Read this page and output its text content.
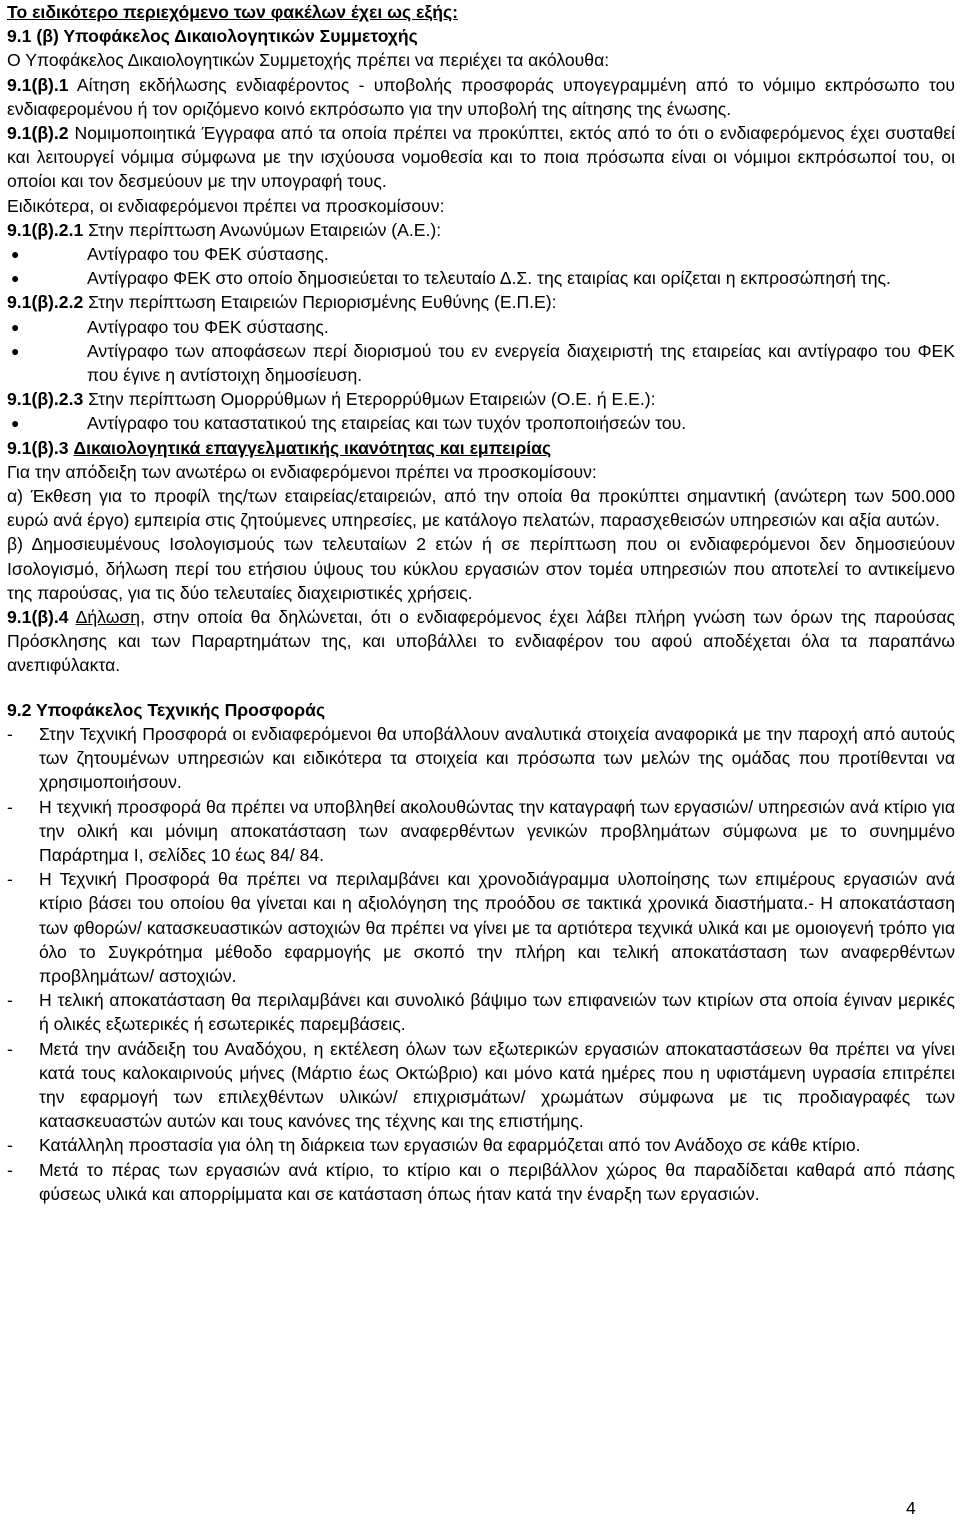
Το ειδικότερο περιεχόμενο των φακέλων έχει ως εξής:

9.1 (β) Υποφάκελος Δικαιολογητικών Συμμετοχής

Ο Υποφάκελος Δικαιολογητικών Συμμετοχής πρέπει να περιέχει τα ακόλουθα:

9.1(β).1 Αίτηση εκδήλωσης ενδιαφέροντος - υποβολής προσφοράς υπογεγραμμένη από το νόμιμο εκπρόσωπο του ενδιαφερομένου ή τον οριζόμενο κοινό εκπρόσωπο για την υποβολή της αίτησης της ένωσης.

9.1(β).2 Νομιμοποιητικά Έγγραφα από τα οποία πρέπει να προκύπτει, εκτός από το ότι ο ενδιαφερόμενος έχει συσταθεί και λειτουργεί νόμιμα σύμφωνα με την ισχύουσα νομοθεσία και το ποια πρόσωπα είναι οι νόμιμοι εκπρόσωποί του, οι οποίοι και τον δεσμεύουν με την υπογραφή τους.

Ειδικότερα, οι ενδιαφερόμενοι πρέπει να προσκομίσουν:

9.1(β).2.1 Στην περίπτωση Ανωνύμων Εταιρειών (Α.Ε.):

●	Αντίγραφο του ΦΕΚ σύστασης.
●	Αντίγραφο ΦΕΚ στο οποίο δημοσιεύεται το τελευταίο Δ.Σ. της εταιρίας και ορίζεται η εκπροσώπησή της.

9.1(β).2.2 Στην περίπτωση Εταιρειών Περιορισμένης Ευθύνης (Ε.Π.Ε):

●	Αντίγραφο του ΦΕΚ σύστασης.
●	Αντίγραφο των αποφάσεων περί διορισμού του εν ενεργεία διαχειριστή της εταιρείας και αντίγραφο του ΦΕΚ που έγινε η αντίστοιχη δημοσίευση.

9.1(β).2.3 Στην περίπτωση Ομορρύθμων ή Ετερορρύθμων Εταιρειών (Ο.Ε. ή Ε.Ε.):

●	Αντίγραφο του καταστατικού της εταιρείας και των τυχόν τροποποιήσεών του.

9.1(β).3 Δικαιολογητικά επαγγελματικής ικανότητας και εμπειρίας

Για την απόδειξη των ανωτέρω οι ενδιαφερόμενοι πρέπει να προσκομίσουν:

α) Έκθεση για το προφίλ της/των εταιρείας/εταιρειών, από την οποία θα προκύπτει σημαντική (ανώτερη των 500.000 ευρώ ανά έργο) εμπειρία στις ζητούμενες υπηρεσίες, με κατάλογο πελατών, παρασχεθεισών υπηρεσιών και αξία αυτών.

β) Δημοσιευμένους Ισολογισμούς των τελευταίων 2 ετών ή σε περίπτωση που οι ενδιαφερόμενοι δεν δημοσιεύουν Ισολογισμό, δήλωση περί του ετήσιου ύψους του κύκλου εργασιών στον τομέα υπηρεσιών που αποτελεί το αντικείμενο της παρούσας, για τις δύο τελευταίες διαχειριστικές χρήσεις.

9.1(β).4 Δήλωση, στην οποία θα δηλώνεται, ότι ο ενδιαφερόμενος έχει λάβει πλήρη γνώση των όρων της παρούσας Πρόσκλησης και των Παραρτημάτων της, και υποβάλλει το ενδιαφέρον του αφού αποδέχεται όλα τα παραπάνω ανεπιφύλακτα.

9.2 Υποφάκελος Τεχνικής Προσφοράς

-	Στην Τεχνική Προσφορά οι ενδιαφερόμενοι θα υποβάλλουν αναλυτικά στοιχεία αναφορικά με την παροχή από αυτούς των ζητουμένων υπηρεσιών και ειδικότερα τα στοιχεία και πρόσωπα των μελών της ομάδας που προτίθενται να χρησιμοποιήσουν.
-	Η τεχνική προσφορά θα πρέπει να υποβληθεί ακολουθώντας την καταγραφή των εργασιών/ υπηρεσιών ανά κτίριο για την ολική και μόνιμη αποκατάσταση των αναφερθέντων γενικών προβλημάτων σύμφωνα με το συνημμένο Παράρτημα Ι, σελίδες 10 έως 84/ 84.
-	Η Τεχνική Προσφορά θα πρέπει να περιλαμβάνει και χρονοδιάγραμμα υλοποίησης των επιμέρους εργασιών ανά κτίριο βάσει του οποίου θα γίνεται και η αξιολόγηση της προόδου σε τακτικά χρονικά διαστήματα.- Η αποκατάσταση των φθορών/ κατασκευαστικών αστοχιών θα πρέπει να γίνει με τα αρτιότερα τεχνικά υλικά και με ομοιογενή τρόπο για όλο το Συγκρότημα μέθοδο εφαρμογής με σκοπό την πλήρη και τελική αποκατάσταση των αναφερθέντων προβλημάτων/ αστοχιών.
-	Η τελική αποκατάσταση θα περιλαμβάνει και συνολικό βάψιμο των επιφανειών των κτιρίων στα οποία έγιναν μερικές ή ολικές εξωτερικές ή εσωτερικές παρεμβάσεις.
-	Μετά την ανάδειξη του Αναδόχου, η εκτέλεση όλων των εξωτερικών εργασιών αποκαταστάσεων θα πρέπει να γίνει κατά τους καλοκαιρινούς μήνες (Μάρτιο έως Οκτώβριο) και μόνο κατά ημέρες που η υφιστάμενη υγρασία επιτρέπει την εφαρμογή των επιλεχθέντων υλικών/ επιχρισμάτων/ χρωμάτων σύμφωνα με τις προδιαγραφές των κατασκευαστών αυτών και τους κανόνες της τέχνης και της επιστήμης.
-	Κατάλληλη προστασία για όλη τη διάρκεια των εργασιών θα εφαρμόζεται από τον Ανάδοχο σε κάθε κτίριο.
-	Μετά το πέρας των εργασιών ανά κτίριο, το κτίριο και ο περιβάλλον χώρος θα παραδίδεται καθαρά από πάσης φύσεως υλικά και απορρίμματα και σε κατάσταση όπως ήταν κατά την έναρξη των εργασιών.
4
